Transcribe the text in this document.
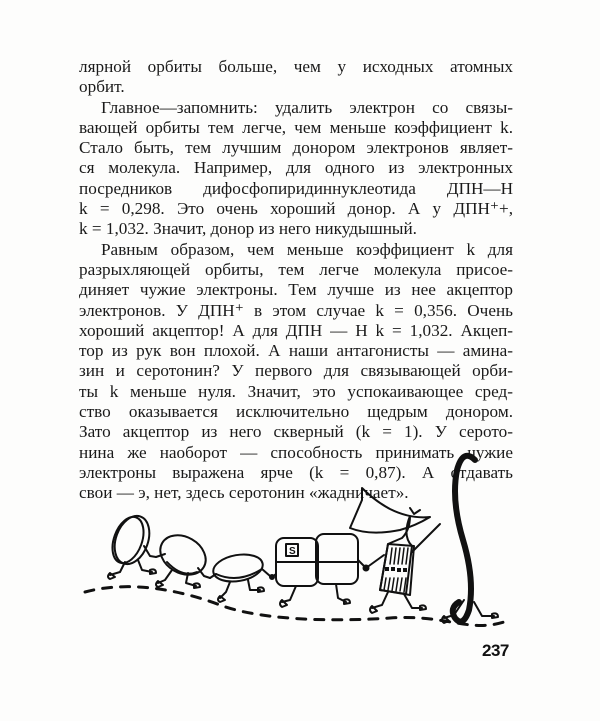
лярной орбиты больше, чем у исходных атомных
орбит.
Главное—запомнить: удалить электрон со связы-
вающей орбиты тем легче, чем меньше коэффициент k.
Стало быть, тем лучшим донором электронов являет-
ся молекула. Например, для одного из электронных
посредников дифосфопиридиннуклеотида ДПН—Н
k = 0,298. Это очень хороший донор. А у ДПН⁺+,
k = 1,032. Значит, донор из него никудышный.
Равным образом, чем меньше коэффициент k для
разрыхляющей орбиты, тем легче молекула присое-
диняет чужие электроны. Тем лучше из нее акцептор
электронов. У ДПН⁺ в этом случае k = 0,356. Очень
хороший акцептор! А для ДПН — Н k = 1,032. Акцеп-
тор из рук вон плохой. А наши антагонисты — амина-
зин и серотонин? У первого для связывающей орби-
ты k меньше нуля. Значит, это успокаивающее сред-
ство оказывается исключительно щедрым донором.
Зато акцептор из него скверный (k = 1). У серото-
нина же наоборот — способность принимать чужие
электроны выражена ярче (k = 0,87). А отдавать
свои — э, нет, здесь серотонин «жадничает».
S
237
